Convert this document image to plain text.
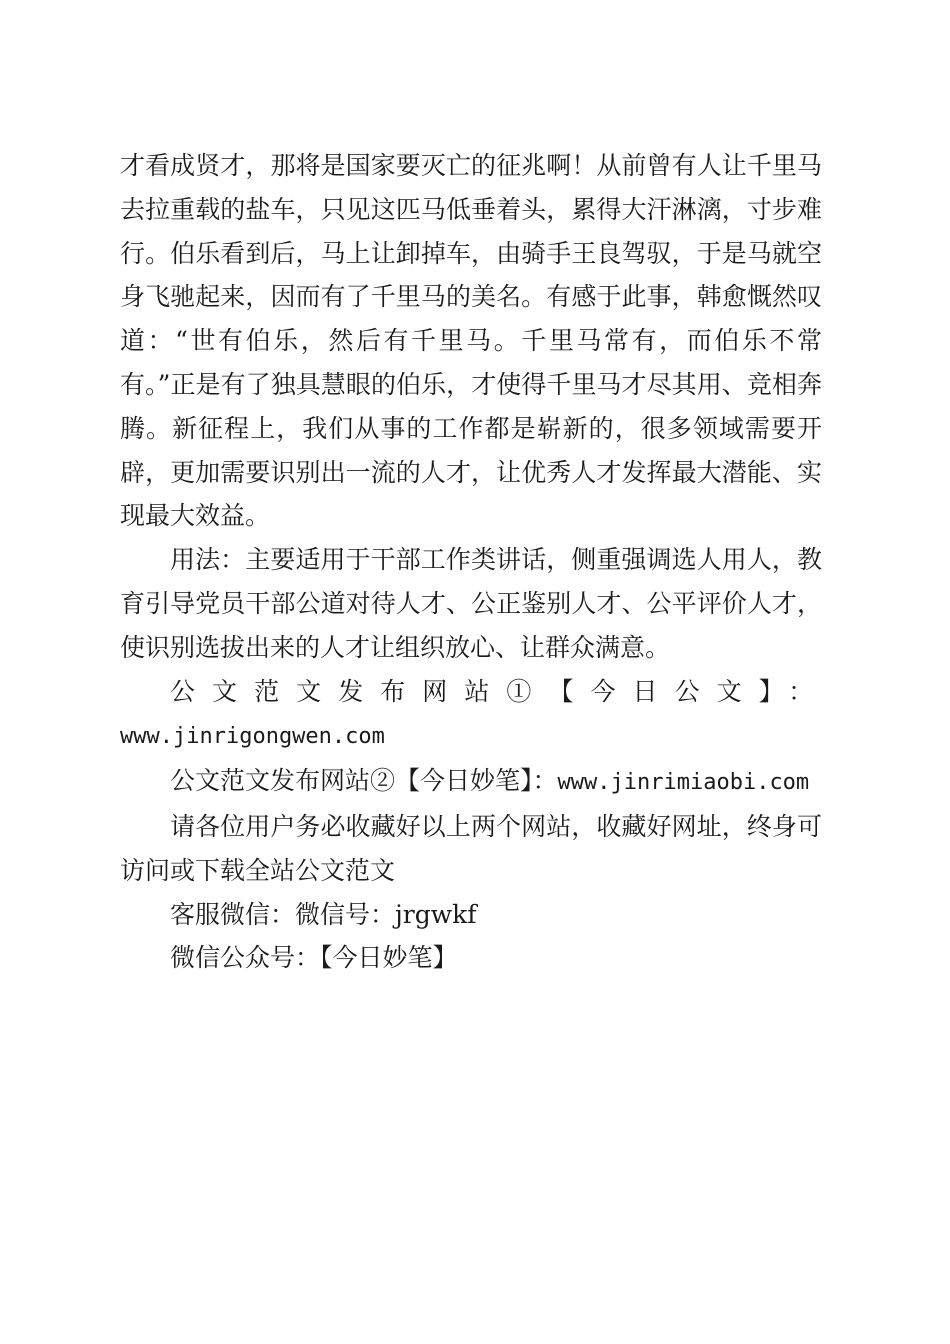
才看成贤才，那将是国家要灭亡的征兆啊！从前曾有人让千里马去拉重载的盐车，只见这匹马低垂着头，累得大汗淋漓，寸步难行。伯乐看到后，马上让卸掉车，由骑手王良驾驭，于是马就空身飞驰起来，因而有了千里马的美名。有感于此事，韩愈慨然叹道：“世有伯乐，然后有千里马。千里马常有，而伯乐不常有。”正是有了独具慧眼的伯乐，才使得千里马才尽其用、竞相奔腾。新征程上，我们从事的工作都是崭新的，很多领域需要开辟，更加需要识别出一流的人才，让优秀人才发挥最大潜能、实现最大效益。

用法：主要适用于干部工作类讲话，侧重强调选人用人，教育引导党员干部公道对待人才、公正鉴别人才、公平评价人才，使识别选拔出来的人才让组织放心、让群众满意。

公文范文发布网站①【今日公文】：

www.jinrigongwen.com

公文范文发布网站②【今日妙笔】：www.jinrimiaobi.com

请各位用户务必收藏好以上两个网站，收藏好网址，终身可访问或下载全站公文范文

客服微信：微信号：jrgwkf

微信公众号：【今日妙笔】
